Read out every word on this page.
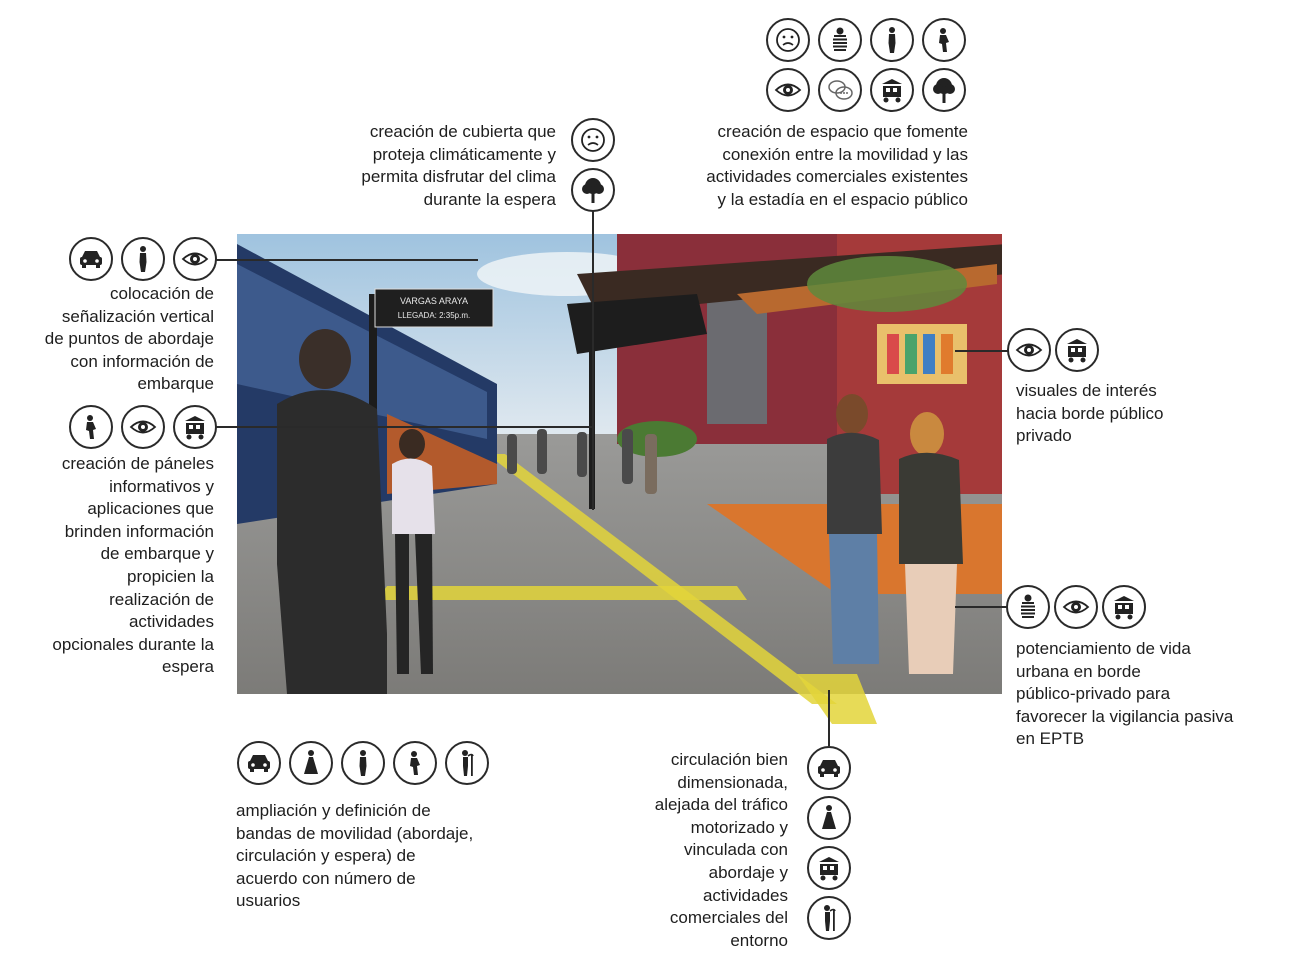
VARGAS ARAYA
LLEGADA: 2:35p.m.
creación de espacio que fomente
conexión entre la movilidad y las
actividades comerciales existentes
y la estadía en el espacio público
creación de cubierta que
proteja climáticamente y
permita disfrutar del clima
durante la espera
colocación de
señalización vertical
de puntos de abordaje
con información de
embarque
creación de páneles
informativos y
aplicaciones que
brinden información
de embarque y
propicien la
realización de
actividades
opcionales durante la
espera
visuales de interés
hacia borde público
privado
potenciamiento de vida
urbana en borde
público-privado para
favorecer la vigilancia pasiva
en EPTB
ampliación y definición de
bandas de movilidad (abordaje,
circulación y espera) de
acuerdo con número de
usuarios
circulación bien
dimensionada,
alejada del tráfico
motorizado y
vinculada con
abordaje y
actividades
comerciales del
entorno
